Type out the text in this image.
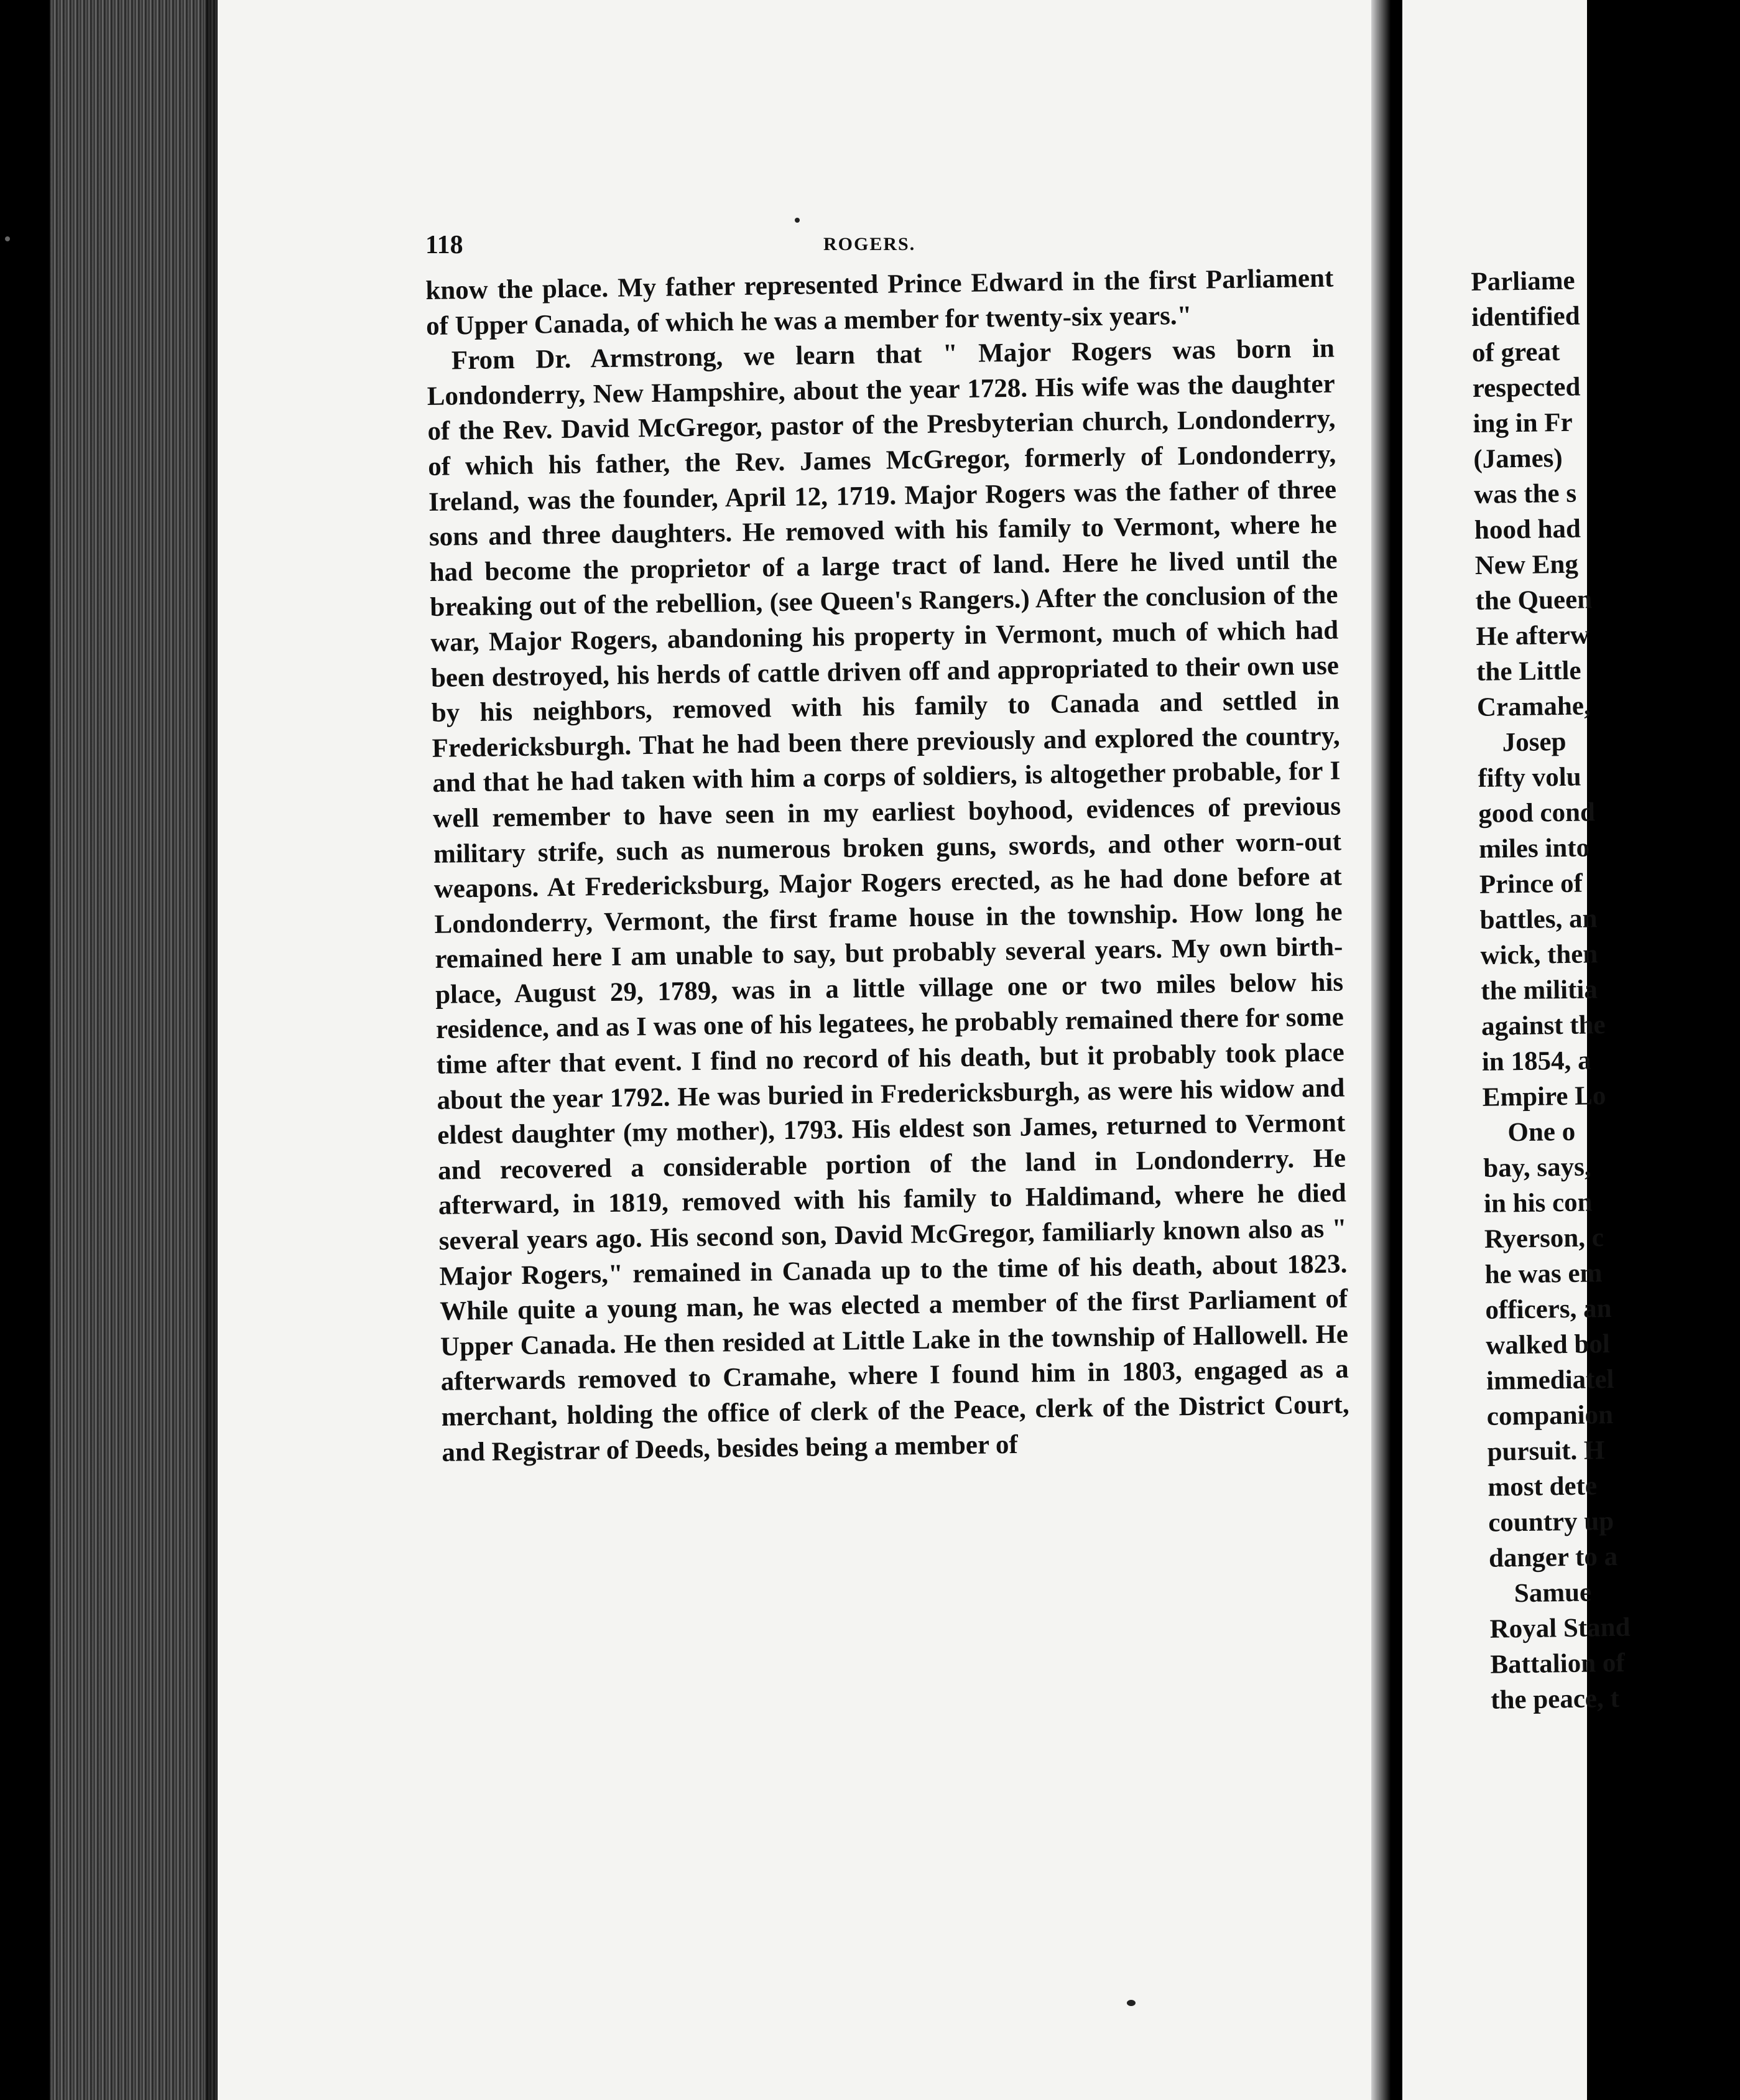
118	ROGERS.

know the place. My father represented Prince Edward in the first Parliament of Upper Canada, of which he was a member for twenty-six years."

From Dr. Armstrong, we learn that " Major Rogers was born in Londonderry, New Hampshire, about the year 1728. His wife was the daughter of the Rev. David McGregor, pastor of the Presbyterian church, Londonderry, of which his father, the Rev. James McGregor, formerly of Londonderry, Ireland, was the founder, April 12, 1719. Major Rogers was the father of three sons and three daughters. He removed with his family to Vermont, where he had become the proprietor of a large tract of land. Here he lived until the breaking out of the rebellion, (see Queen's Rangers.) After the conclusion of the war, Major Rogers, abandoning his property in Vermont, much of which had been destroyed, his herds of cattle driven off and appropriated to their own use by his neighbors, removed with his family to Canada and settled in Fredericksburgh. That he had been there previously and explored the country, and that he had taken with him a corps of soldiers, is altogether probable, for I well remember to have seen in my earliest boyhood, evidences of previous military strife, such as numerous broken guns, swords, and other worn-out weapons. At Fredericksburg, Major Rogers erected, as he had done before at Londonderry, Vermont, the first frame house in the township. How long he remained here I am unable to say, but probably several years. My own birth-place, August 29, 1789, was in a little village one or two miles below his residence, and as I was one of his legatees, he probably remained there for some time after that event. I find no record of his death, but it probably took place about the year 1792. He was buried in Fredericksburgh, as were his widow and eldest daughter (my mother), 1793. His eldest son James, returned to Vermont and recovered a considerable portion of the land in Londonderry. He afterward, in 1819, removed with his family to Haldimand, where he died several years ago. His second son, David McGregor, familiarly known also as " Major Rogers," remained in Canada up to the time of his death, about 1823. While quite a young man, he was elected a member of the first Parliament of Upper Canada. He then resided at Little Lake in the township of Hallowell. He afterwards removed to Cramahe, where I found him in 1803, engaged as a merchant, holding the office of clerk of the Peace, clerk of the District Court, and Registrar of Deeds, besides being a member of

Parliame
identified
of great
respected
ing in Fr
(James)
was the s
hood had
New Eng
the Queen
He afterw
the Little
Cramahe,
Josep
fifty volu
good cond
miles into
Prince of
battles, an
wick, then
the militia
against the
in 1854, a
Empire Lo
One o
bay, says,
in his con
Ryerson, c
he was em
officers, an
walked bol
immediatel
companion
pursuit. H
most dete
country up
danger to a
Samue
Royal Stand
Battalion of
the peace, t
